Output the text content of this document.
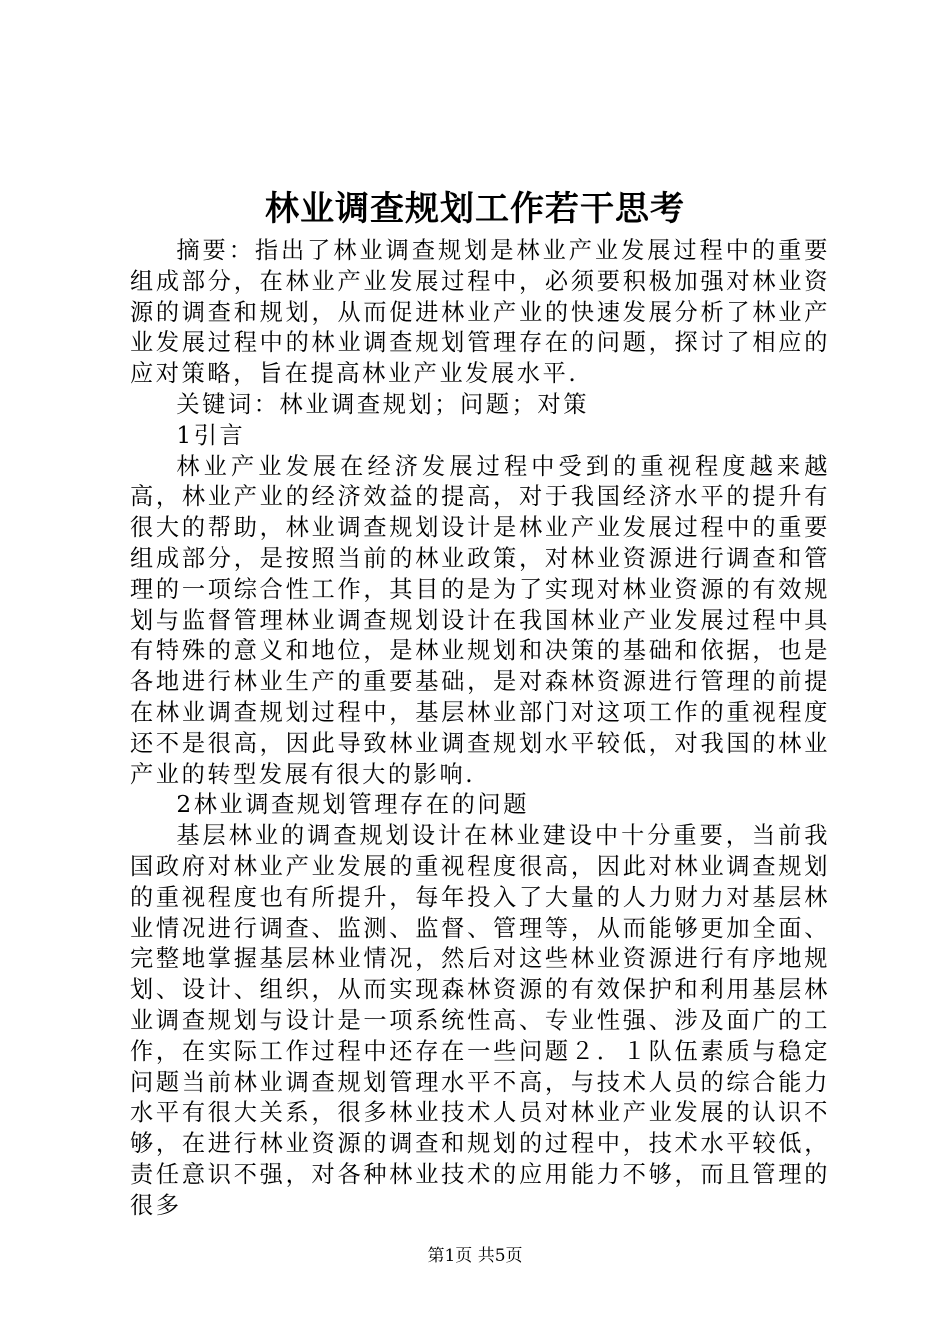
林业调查规划工作若干思考

摘要：指出了林业调查规划是林业产业发展过程中的重要组成部分，在林业产业发展过程中，必须要积极加强对林业资源的调查和规划，从而促进林业产业的快速发展分析了林业产业发展过程中的林业调查规划管理存在的问题，探讨了相应的应对策略，旨在提高林业产业发展水平.

关键词：林业调查规划；问题；对策

1引言

林业产业发展在经济发展过程中受到的重视程度越来越高，林业产业的经济效益的提高，对于我国经济水平的提升有很大的帮助，林业调查规划设计是林业产业发展过程中的重要组成部分，是按照当前的林业政策，对林业资源进行调查和管理的一项综合性工作，其目的是为了实现对林业资源的有效规划与监督管理林业调查规划设计在我国林业产业发展过程中具有特殊的意义和地位，是林业规划和决策的基础和依据，也是各地进行林业生产的重要基础，是对森林资源进行管理的前提在林业调查规划过程中，基层林业部门对这项工作的重视程度还不是很高，因此导致林业调查规划水平较低，对我国的林业产业的转型发展有很大的影响.

2林业调查规划管理存在的问题

基层林业的调查规划设计在林业建设中十分重要，当前我国政府对林业产业发展的重视程度很高，因此对林业调查规划的重视程度也有所提升，每年投入了大量的人力财力对基层林业情况进行调查、监测、监督、管理等，从而能够更加全面、完整地掌握基层林业情况，然后对这些林业资源进行有序地规划、设计、组织，从而实现森林资源的有效保护和利用基层林业调查规划与设计是一项系统性高、专业性强、涉及面广的工作，在实际工作过程中还存在一些问题２．１队伍素质与稳定问题当前林业调查规划管理水平不高，与技术人员的综合能力水平有很大关系，很多林业技术人员对林业产业发展的认识不够，在进行林业资源的调查和规划的过程中，技术水平较低，责任意识不强，对各种林业技术的应用能力不够，而且管理的很多

第1页 共5页
